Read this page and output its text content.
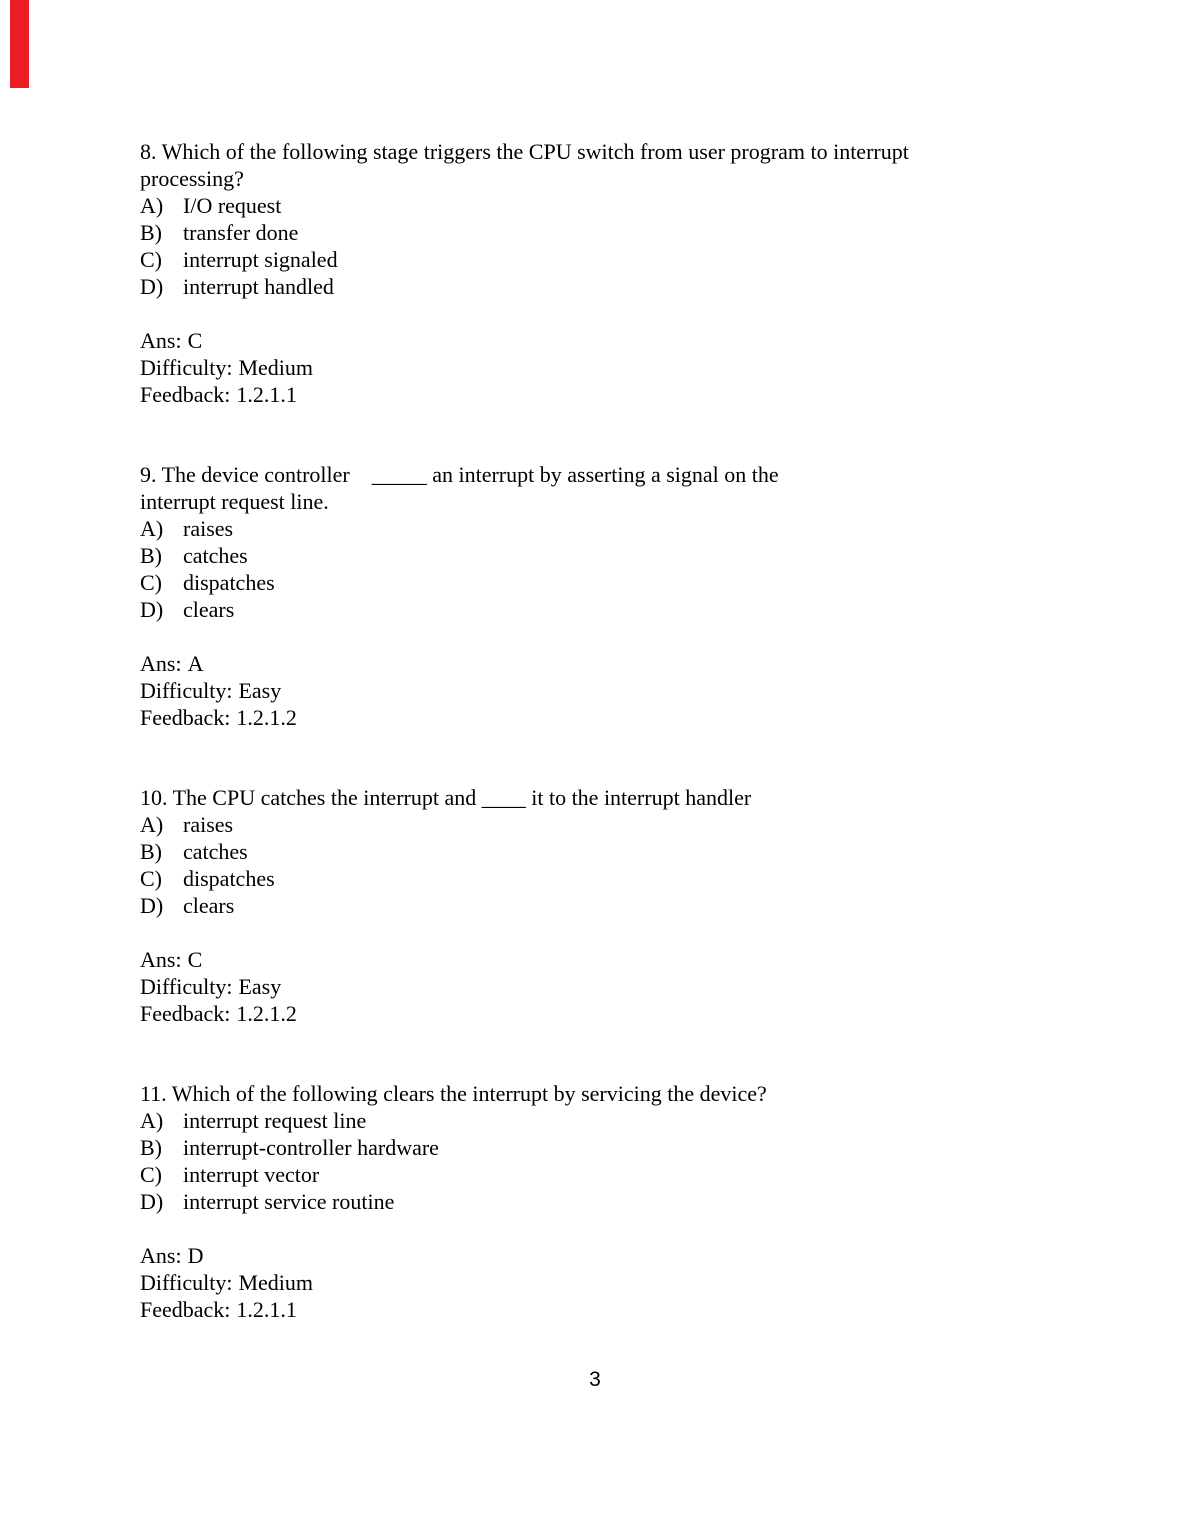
8. Which of the following stage triggers the CPU switch from user program to interrupt
processing?
A) I/O request
B) transfer done
C) interrupt signaled
D) interrupt handled
Ans: C
Difficulty: Medium
Feedback: 1.2.1.1
9. The device controller    _____ an interrupt by asserting a signal on the
interrupt request line.
A) raises
B) catches
C) dispatches
D) clears
Ans: A
Difficulty: Easy
Feedback: 1.2.1.2
10. The CPU catches the interrupt and ____ it to the interrupt handler
A) raises
B) catches
C) dispatches
D) clears
Ans: C
Difficulty: Easy
Feedback: 1.2.1.2
11. Which of the following clears the interrupt by servicing the device?
A) interrupt request line
B) interrupt-controller hardware
C) interrupt vector
D) interrupt service routine
Ans: D
Difficulty: Medium
Feedback: 1.2.1.1
3
